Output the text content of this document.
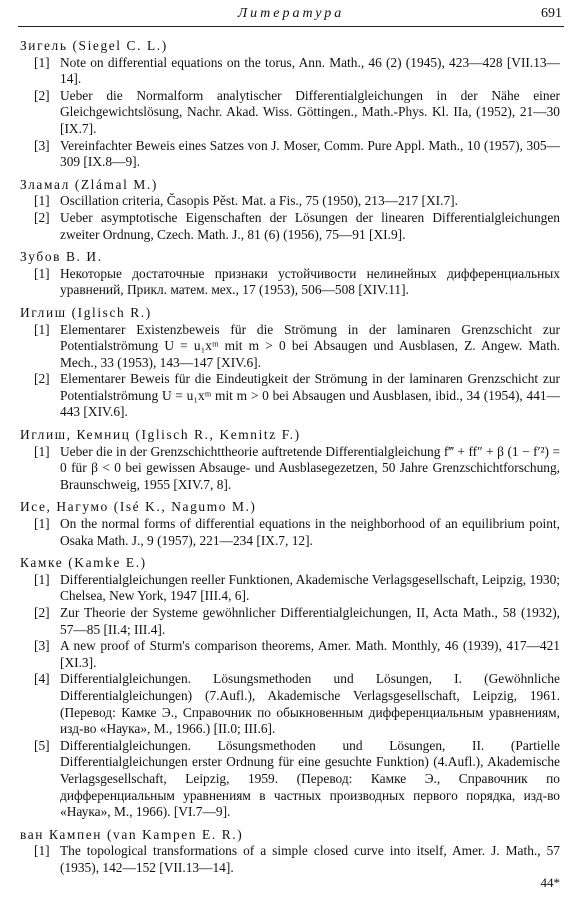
Литература	691
Зигель (Siegel C. L.)
[1] Note on differential equations on the torus, Ann. Math., 46 (2) (1945), 423—428 [VII.13—14].
[2] Ueber die Normalform analytischer Differentialgleichungen in der Nähe einer Gleichgewichtslösung, Nachr. Akad. Wiss. Göttingen., Math.-Phys. Kl. IIa, (1952), 21—30 [IX.7].
[3] Vereinfachter Beweis eines Satzes von J. Moser, Comm. Pure Appl. Math., 10 (1957), 305—309 [IX.8—9].
Зламал (Zlámal M.)
[1] Oscillation criteria, Časopis Pěst. Mat. a Fis., 75 (1950), 213—217 [XI.7].
[2] Ueber asymptotische Eigenschaften der Lösungen der linearen Differentialgleichungen zweiter Ordnung, Czech. Math. J., 81 (6) (1956), 75—91 [XI.9].
Зубов В. И.
[1] Некоторые достаточные признаки устойчивости нелинейных дифференциальных уравнений, Прикл. матем. мех., 17 (1953), 506—508 [XIV.11].
Иглиш (Iglisch R.)
[1] Elementarer Existenzbeweis für die Strömung in der laminaren Grenzschicht zur Potentialströmung U = u₁xᵐ mit m > 0 bei Absaugen und Ausblasen, Z. Angew. Math. Mech., 33 (1953), 143—147 [XIV.6].
[2] Elementarer Beweis für die Eindeutigkeit der Strömung in der laminaren Grenzschicht zur Potentialströmung U = u₁xᵐ mit m > 0 bei Absaugen und Ausblasen, ibid., 34 (1954), 441—443 [XIV.6].
Иглиш, Кемниц (Iglisch R., Kemnitz F.)
[1] Ueber die in der Grenzschichttheorie auftretende Differentialgleichung f‴ + ff″ + β (1 − f′²) = 0 für β < 0 bei gewissen Absauge- und Ausblasegezetzen, 50 Jahre Grenzschichtforschung, Braunschweig, 1955 [XIV.7, 8].
Исе, Нагумо (Isé K., Nagumo M.)
[1] On the normal forms of differential equations in the neighborhood of an equilibrium point, Osaka Math. J., 9 (1957), 221—234 [IX.7, 12].
Камке (Kamke E.)
[1] Differentialgleichungen reeller Funktionen, Akademische Verlagsgesellschaft, Leipzig, 1930; Chelsea, New York, 1947 [III.4, 6].
[2] Zur Theorie der Systeme gewöhnlicher Differentialgleichungen, II, Acta Math., 58 (1932), 57—85 [II.4; III.4].
[3] A new proof of Sturm's comparison theorems, Amer. Math. Monthly, 46 (1939), 417—421 [XI.3].
[4] Differentialgleichungen. Lösungsmethoden und Lösungen, I. (Gewöhnliche Differentialgleichungen) (7.Aufl.), Akademische Verlagsgesellschaft, Leipzig, 1961. (Перевод: Камке Э., Справочник по обыкновенным дифференциальным уравнениям, изд-во «Наука», М., 1966.) [II.0; III.6].
[5] Differentialgleichungen. Lösungsmethoden und Lösungen, II. (Partielle Differentialgleichungen erster Ordnung für eine gesuchte Funktion) (4.Aufl.), Akademische Verlagsgesellschaft, Leipzig, 1959. (Перевод: Камке Э., Справочник по дифференциальным уравнениям в частных производных первого порядка, изд-во «Наука», М., 1966). [VI.7—9].
ван Кампен (van Kampen E. R.)
[1] The topological transformations of a simple closed curve into itself, Amer. J. Math., 57 (1935), 142—152 [VII.13—14].
44*
